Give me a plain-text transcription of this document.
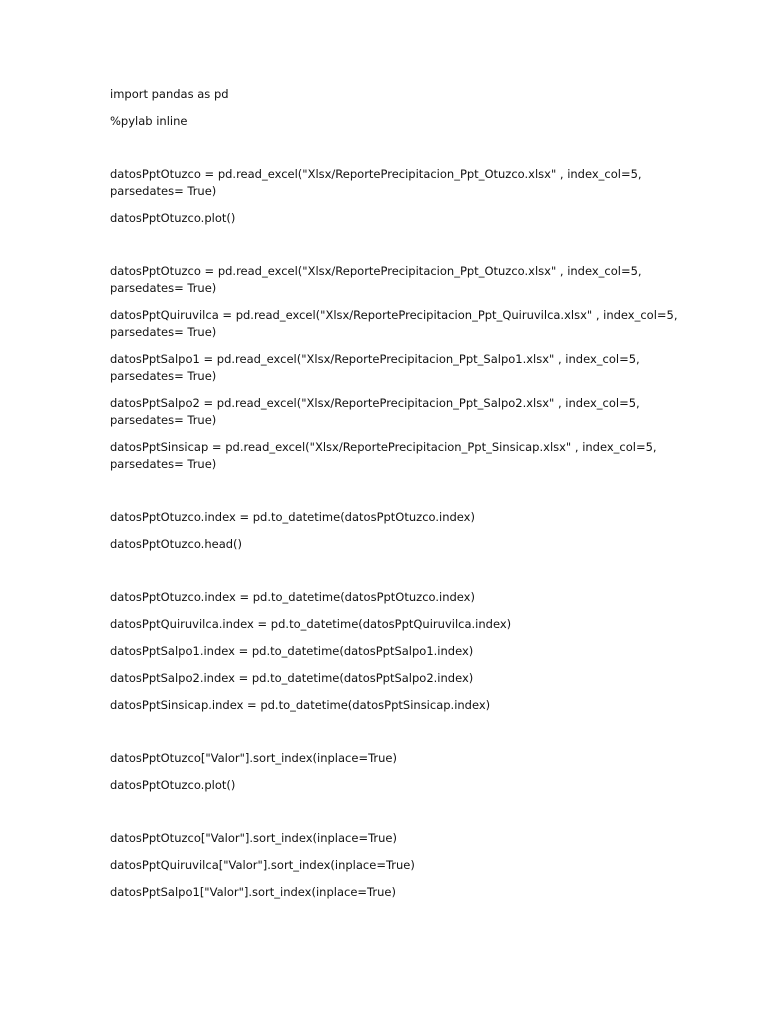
import pandas as pd
%pylab inline
datosPptOtuzco = pd.read_excel("Xlsx/ReportePrecipitacion_Ppt_Otuzco.xlsx" , index_col=5, parsedates= True)
datosPptOtuzco.plot()
datosPptOtuzco = pd.read_excel("Xlsx/ReportePrecipitacion_Ppt_Otuzco.xlsx" , index_col=5, parsedates= True)
datosPptQuiruvilca = pd.read_excel("Xlsx/ReportePrecipitacion_Ppt_Quiruvilca.xlsx" , index_col=5, parsedates= True)
datosPptSalpo1 = pd.read_excel("Xlsx/ReportePrecipitacion_Ppt_Salpo1.xlsx" , index_col=5, parsedates= True)
datosPptSalpo2 = pd.read_excel("Xlsx/ReportePrecipitacion_Ppt_Salpo2.xlsx" , index_col=5, parsedates= True)
datosPptSinsicap = pd.read_excel("Xlsx/ReportePrecipitacion_Ppt_Sinsicap.xlsx" , index_col=5, parsedates= True)
datosPptOtuzco.index = pd.to_datetime(datosPptOtuzco.index)
datosPptOtuzco.head()
datosPptOtuzco.index = pd.to_datetime(datosPptOtuzco.index)
datosPptQuiruvilca.index = pd.to_datetime(datosPptQuiruvilca.index)
datosPptSalpo1.index = pd.to_datetime(datosPptSalpo1.index)
datosPptSalpo2.index = pd.to_datetime(datosPptSalpo2.index)
datosPptSinsicap.index = pd.to_datetime(datosPptSinsicap.index)
datosPptOtuzco["Valor"].sort_index(inplace=True)
datosPptOtuzco.plot()
datosPptOtuzco["Valor"].sort_index(inplace=True)
datosPptQuiruvilca["Valor"].sort_index(inplace=True)
datosPptSalpo1["Valor"].sort_index(inplace=True)
